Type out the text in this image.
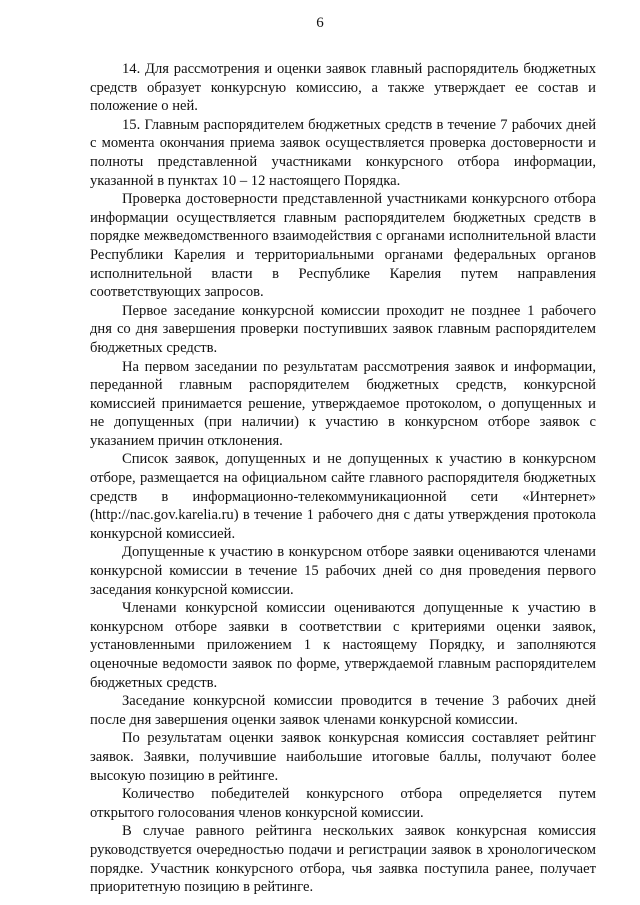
6

14. Для рассмотрения и оценки заявок главный распорядитель бюджетных средств образует конкурсную комиссию, а также утверждает ее состав и положение о ней.

15. Главным распорядителем бюджетных средств в течение 7 рабочих дней с момента окончания приема заявок осуществляется проверка достоверности и полноты представленной участниками конкурсного отбора информации, указанной в пунктах 10 – 12 настоящего Порядка.

Проверка достоверности представленной участниками конкурсного отбора информации осуществляется главным распорядителем бюджетных средств в порядке межведомственного взаимодействия с органами исполнительной власти Республики Карелия и территориальными органами федеральных органов исполнительной власти в Республике Карелия путем направления соответствующих запросов.

Первое заседание конкурсной комиссии проходит не позднее 1 рабочего дня со дня завершения проверки поступивших заявок главным распорядителем бюджетных средств.

На первом заседании по результатам рассмотрения заявок и информации, переданной главным распорядителем бюджетных средств, конкурсной комиссией принимается решение, утверждаемое протоколом, о допущенных и не допущенных (при наличии) к участию в конкурсном отборе заявок с указанием причин отклонения.

Список заявок, допущенных и не допущенных к участию в конкурсном отборе, размещается на официальном сайте главного распорядителя бюджетных средств в информационно-телекоммуникационной сети «Интернет» (http://nac.gov.karelia.ru) в течение 1 рабочего дня с даты утверждения протокола конкурсной комиссией.

Допущенные к участию в конкурсном отборе заявки оцениваются членами конкурсной комиссии в течение 15 рабочих дней со дня проведения первого заседания конкурсной комиссии.

Членами конкурсной комиссии оцениваются допущенные к участию в конкурсном отборе заявки в соответствии с критериями оценки заявок, установленными приложением 1 к настоящему Порядку, и заполняются оценочные ведомости заявок по форме, утверждаемой главным распорядителем бюджетных средств.

Заседание конкурсной комиссии проводится в течение 3 рабочих дней после дня завершения оценки заявок членами конкурсной комиссии.

По результатам оценки заявок конкурсная комиссия составляет рейтинг заявок. Заявки, получившие наибольшие итоговые баллы, получают более высокую позицию в рейтинге.

Количество победителей конкурсного отбора определяется путем открытого голосования членов конкурсной комиссии.

В случае равного рейтинга нескольких заявок конкурсная комиссия руководствуется очередностью подачи и регистрации заявок в хронологическом порядке. Участник конкурсного отбора, чья заявка поступила ранее, получает приоритетную позицию в рейтинге.
